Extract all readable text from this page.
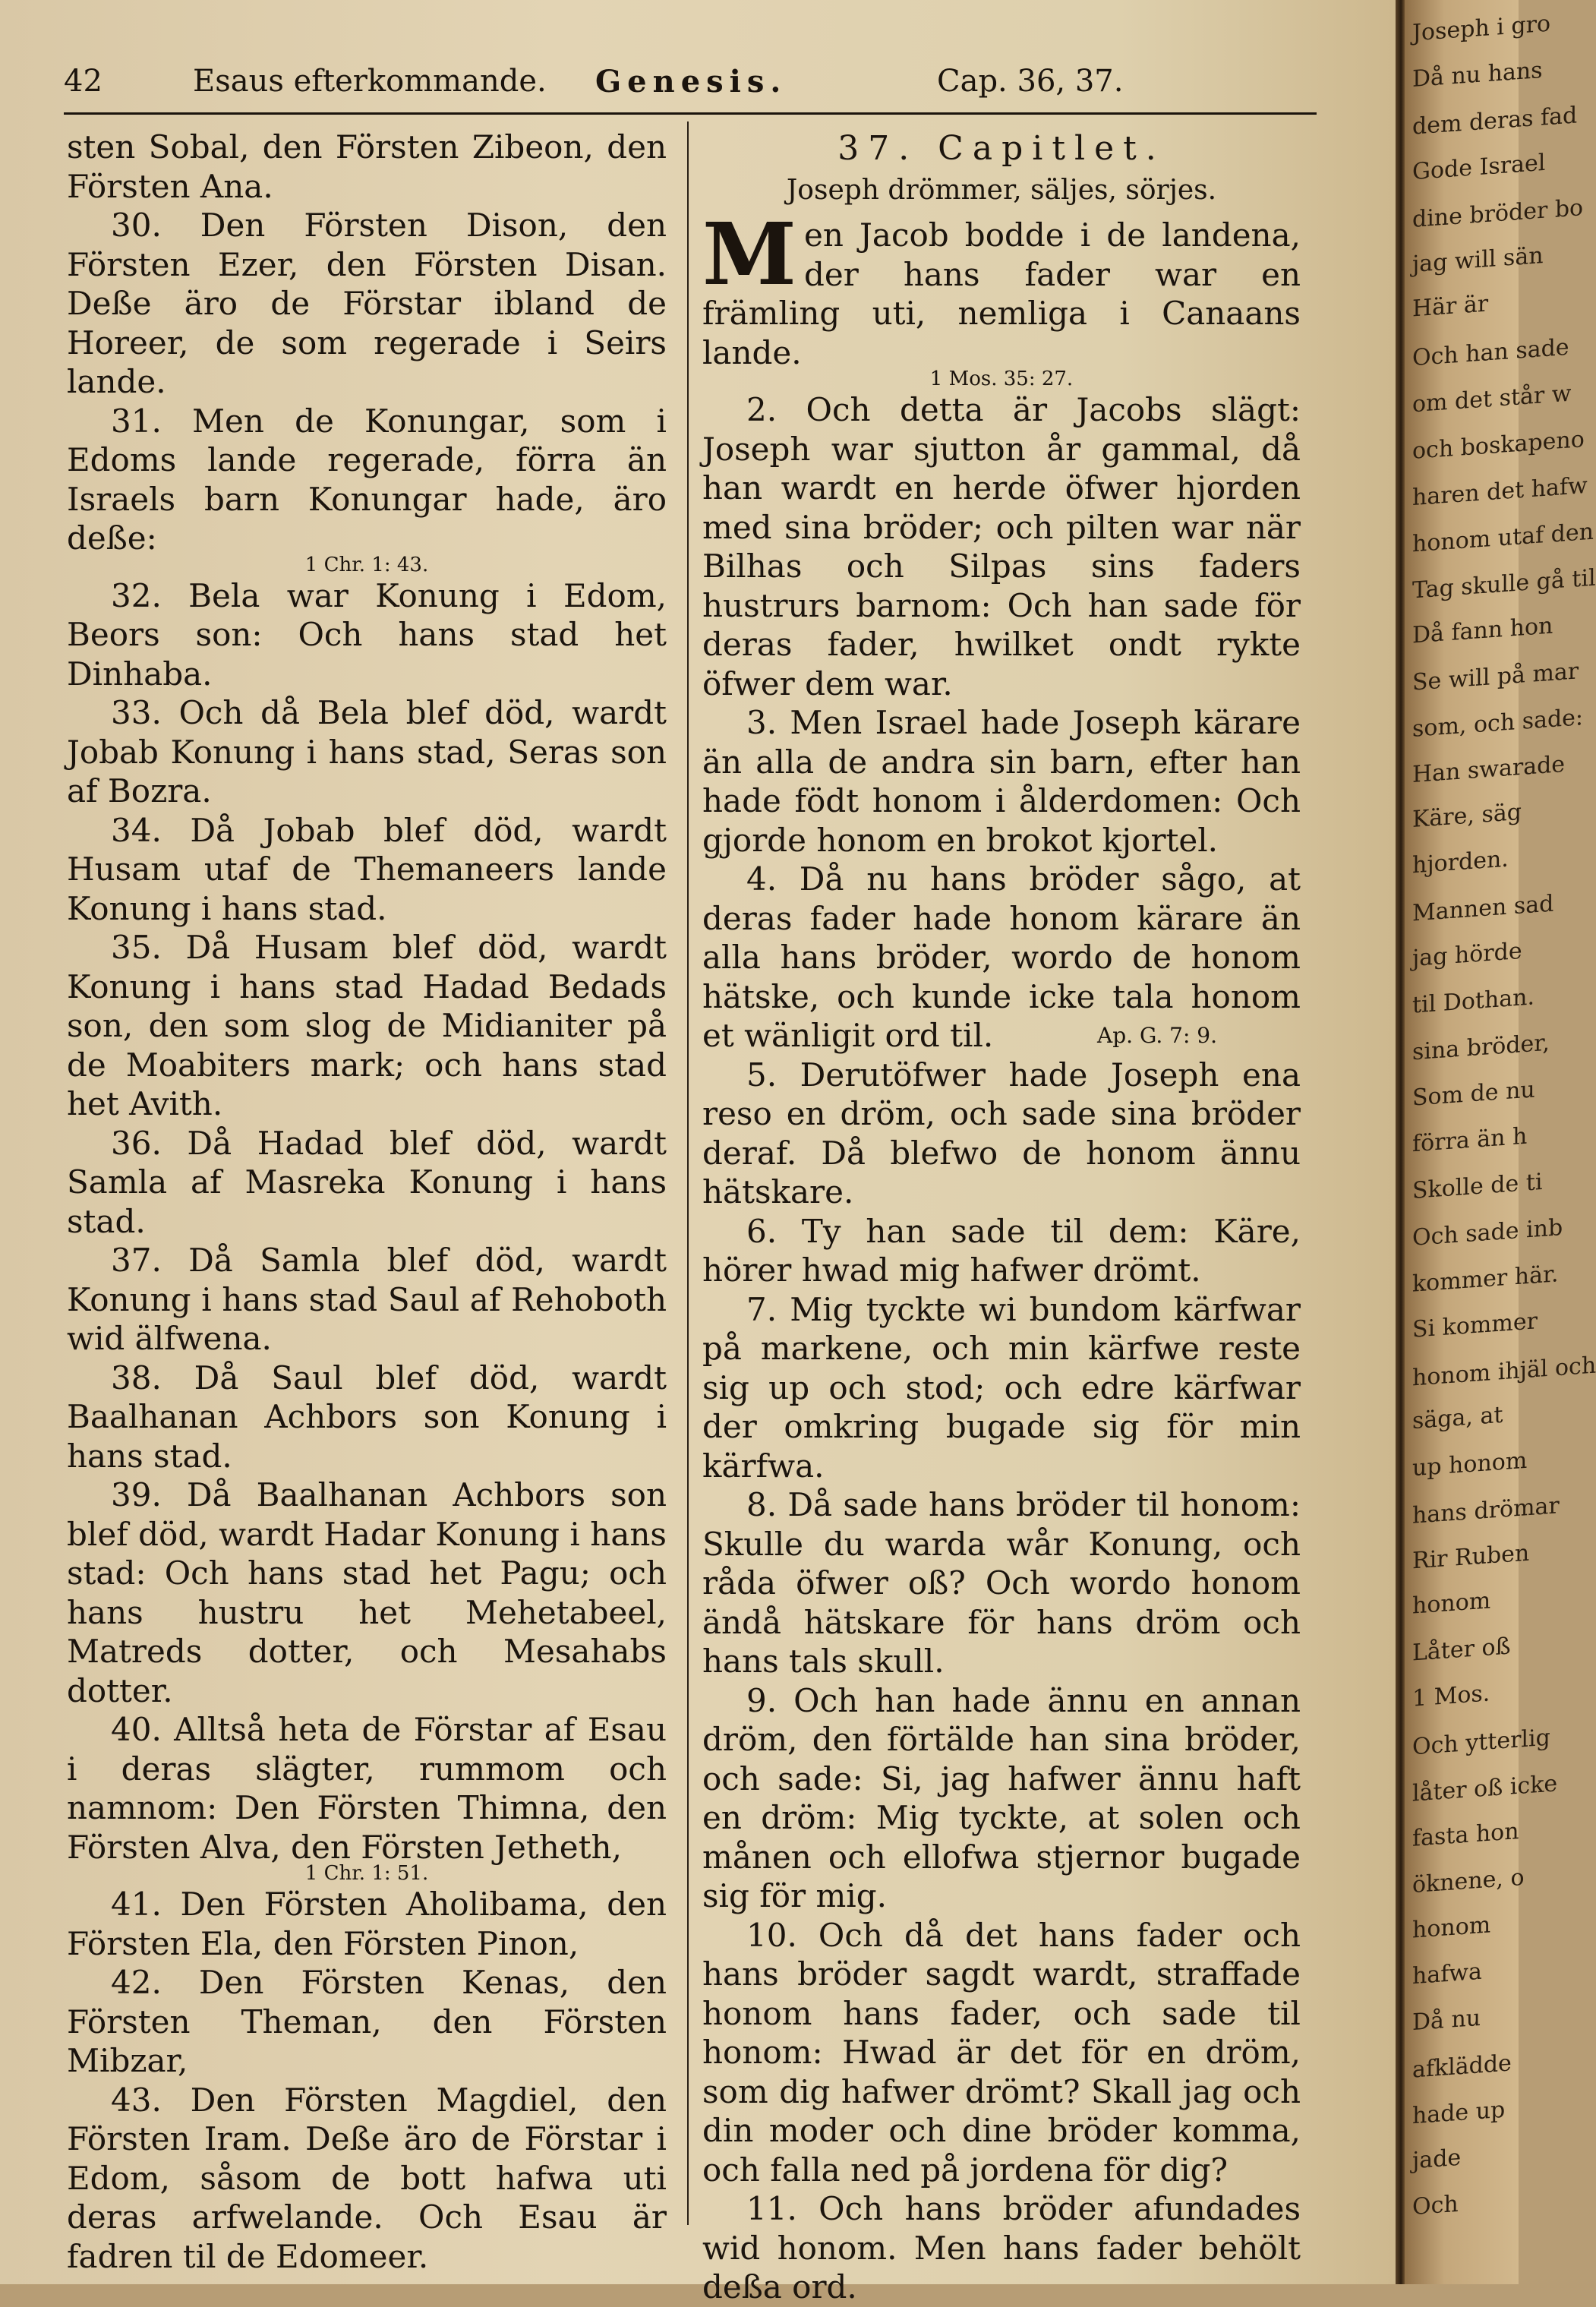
42	Esaus efterkommande. Genesis.	Cap. 36, 37.

sten Sobal, den Försten Zibeon, den Försten Ana.

30. Den Försten Dison, den Försten Ezer, den Försten Disan. Deße äro de Förstar ibland de Horeer, de som regerade i Seirs lande.

31. Men de Konungar, som i Edoms lande regerade, förra än Israels barn Konungar hade, äro deße:

1 Chr. 1: 43.

32. Bela war Konung i Edom, Beors son: Och hans stad het Dinhaba.

33. Och då Bela blef död, wardt Jobab Konung i hans stad, Seras son af Bozra.

34. Då Jobab blef död, wardt Husam utaf de Themaneers lande Konung i hans stad.

35. Då Husam blef död, wardt Konung i hans stad Hadad Bedads son, den som slog de Midianiter på de Moabiters mark; och hans stad het Avith.

36. Då Hadad blef död, wardt Samla af Masreka Konung i hans stad.

37. Då Samla blef död, wardt Konung i hans stad Saul af Rehoboth wid älfwena.

38. Då Saul blef död, wardt Baalhanan Achbors son Konung i hans stad.

39. Då Baalhanan Achbors son blef död, wardt Hadar Konung i hans stad: Och hans stad het Pagu; och hans hustru het Mehetabeel, Matreds dotter, och Mesahabs dotter.

40. Alltså heta de Förstar af Esau i deras slägter, rummom och namnom: Den Försten Thimna, den Försten Alva, den Försten Jetheth,

1 Chr. 1: 51.

41. Den Försten Aholibama, den Försten Ela, den Försten Pinon,

42. Den Försten Kenas, den Försten Theman, den Försten Mibzar,

43. Den Försten Magdiel, den Försten Iram. Deße äro de Förstar i Edom, såsom de bott hafwa uti deras arfwelande. Och Esau är fadren til de Edomeer.

37. Capitlet.

Joseph drömmer, säljes, sörjes.

Men Jacob bodde i de landena, der hans fader war en främling uti, nemliga i Canaans lande.

1 Mos. 35: 27.

2. Och detta är Jacobs slägt: Joseph war sjutton år gammal, då han wardt en herde öfwer hjorden med sina bröder; och pilten war när Bilhas och Silpas sins faders hustrurs barnom: Och han sade för deras fader, hwilket ondt rykte öfwer dem war.

3. Men Israel hade Joseph kärare än alla de andra sin barn, efter han hade födt honom i ålderdomen: Och gjorde honom en brokot kjortel.

4. Då nu hans bröder sågo, at deras fader hade honom kärare än alla hans bröder, wordo de honom hätske, och kunde icke tala honom et wänligit ord til.	Ap. G. 7: 9.

5. Derutöfwer hade Joseph ena reso en dröm, och sade sina bröder deraf. Då blefwo de honom ännu hätskare.

6. Ty han sade til dem: Käre, hörer hwad mig hafwer drömt.

7. Mig tyckte wi bundom kärfwar på markene, och min kärfwe reste sig up och stod; och edre kärfwar der omkring bugade sig för min kärfwa.

8. Då sade hans bröder til honom: Skulle du warda wår Konung, och råda öfwer oß? Och wordo honom ändå hätskare för hans dröm och hans tals skull.

9. Och han hade ännu en annan dröm, den förtälde han sina bröder, och sade: Si, jag hafwer ännu haft en dröm: Mig tyckte, at solen och månen och ellofwa stjernor bugade sig för mig.

10. Och då det hans fader och hans bröder sagdt wardt, straffade honom hans fader, och sade til honom: Hwad är det för en dröm, som dig hafwer drömt? Skall jag och din moder och dine bröder komma, och falla ned på jordena för dig?

11. Och hans bröder afundades wid honom. Men hans fader behölt deßa ord.

Joseph i gro
Då nu hans
dem deras fad
Gode Israel
dine bröder bo
jag will sän
Här är
Och han sade
om det står w
och boskapeno
haren det hafw
honom utaf den
Tag skulle gå til
Då fann hon
Se will på mar
som, och sade:
Han swarade
Käre, säg
hjorden.
Mannen sad
jag hörde
til Dothan.
sina bröder,
Som de nu
förra än h
Skolle de ti
Och sade inb
kommer här.
Si kommer
honom ihjäl och
säga, at
up honom
hans drömar
Rir Ruben
honom
Låter oß
1 Mos.
Och ytterlig
låter oß icke
fasta hon
öknene, o
honom
hafwa
Då nu
afklädde
hade up
jade
Och
